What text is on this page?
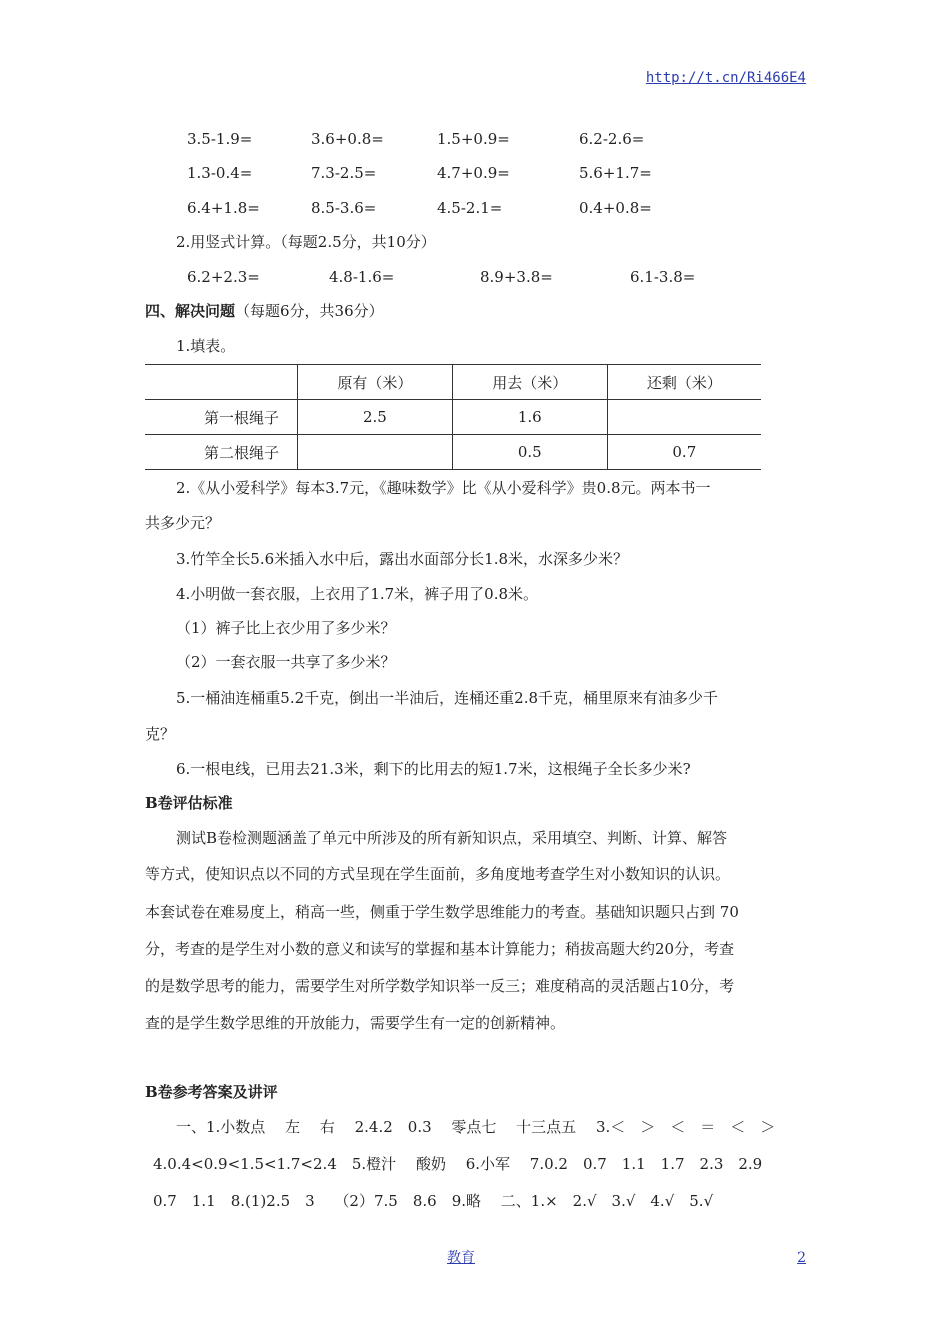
http://t.cn/Ri466E4
3.5-1.9=	3.6+0.8=	1.5+0.9=	6.2-2.6=
1.3-0.4=	7.3-2.5=	4.7+0.9=	5.6+1.7=
6.4+1.8=	8.5-3.6=	4.5-2.1=	0.4+0.8=
2.用竖式计算。（每题2.5分，共10分）
6.2+2.3=	4.8-1.6=	8.9+3.8=	6.1-3.8=
四、解决问题（每题6分，共36分）
1.填表。
	原有（米）	用去（米）	还剩（米）
第一根绳子	2.5	1.6	
第二根绳子		0.5	0.7
2.《从小爱科学》每本3.7元，《趣味数学》比《从小爱科学》贵0.8元。两本书一
共多少元？
3.竹竿全长5.6米插入水中后，露出水面部分长1.8米，水深多少米？
4.小明做一套衣服，上衣用了1.7米，裤子用了0.8米。
（1）裤子比上衣少用了多少米？
（2）一套衣服一共享了多少米？
5.一桶油连桶重5.2千克，倒出一半油后，连桶还重2.8千克，桶里原来有油多少千
克？
6.一根电线，已用去21.3米，剩下的比用去的短1.7米，这根绳子全长多少米?
B卷评估标准
测试B卷检测题涵盖了单元中所涉及的所有新知识点，采用填空、判断、计算、解答
等方式，使知识点以不同的方式呈现在学生面前，多角度地考查学生对小数知识的认识。
本套试卷在难易度上，稍高一些，侧重于学生数学思维能力的考查。基础知识题只占到 70
分，考查的是学生对小数的意义和读写的掌握和基本计算能力；稍拔高题大约20分，考查
的是数学思考的能力，需要学生对所学数学知识举一反三；难度稍高的灵活题占10分，考
查的是学生数学思维的开放能力，需要学生有一定的创新精神。
B卷参考答案及讲评
一、1.小数点　 左　 右　 2.4.2　0.3　 零点七　 十三点五　 3.＜　＞　＜　＝　＜　＞
4.0.4<0.9<1.5<1.7<2.4　5.橙汁　 酸奶　 6.小军　 7.0.2　0.7　1.1　1.7　2.3　2.9
0.7　1.1　8.(1)2.5　3　 （2）7.5　8.6　9.略　 二、1.×　2.√　3.√　4.√　5.√
教育	2
